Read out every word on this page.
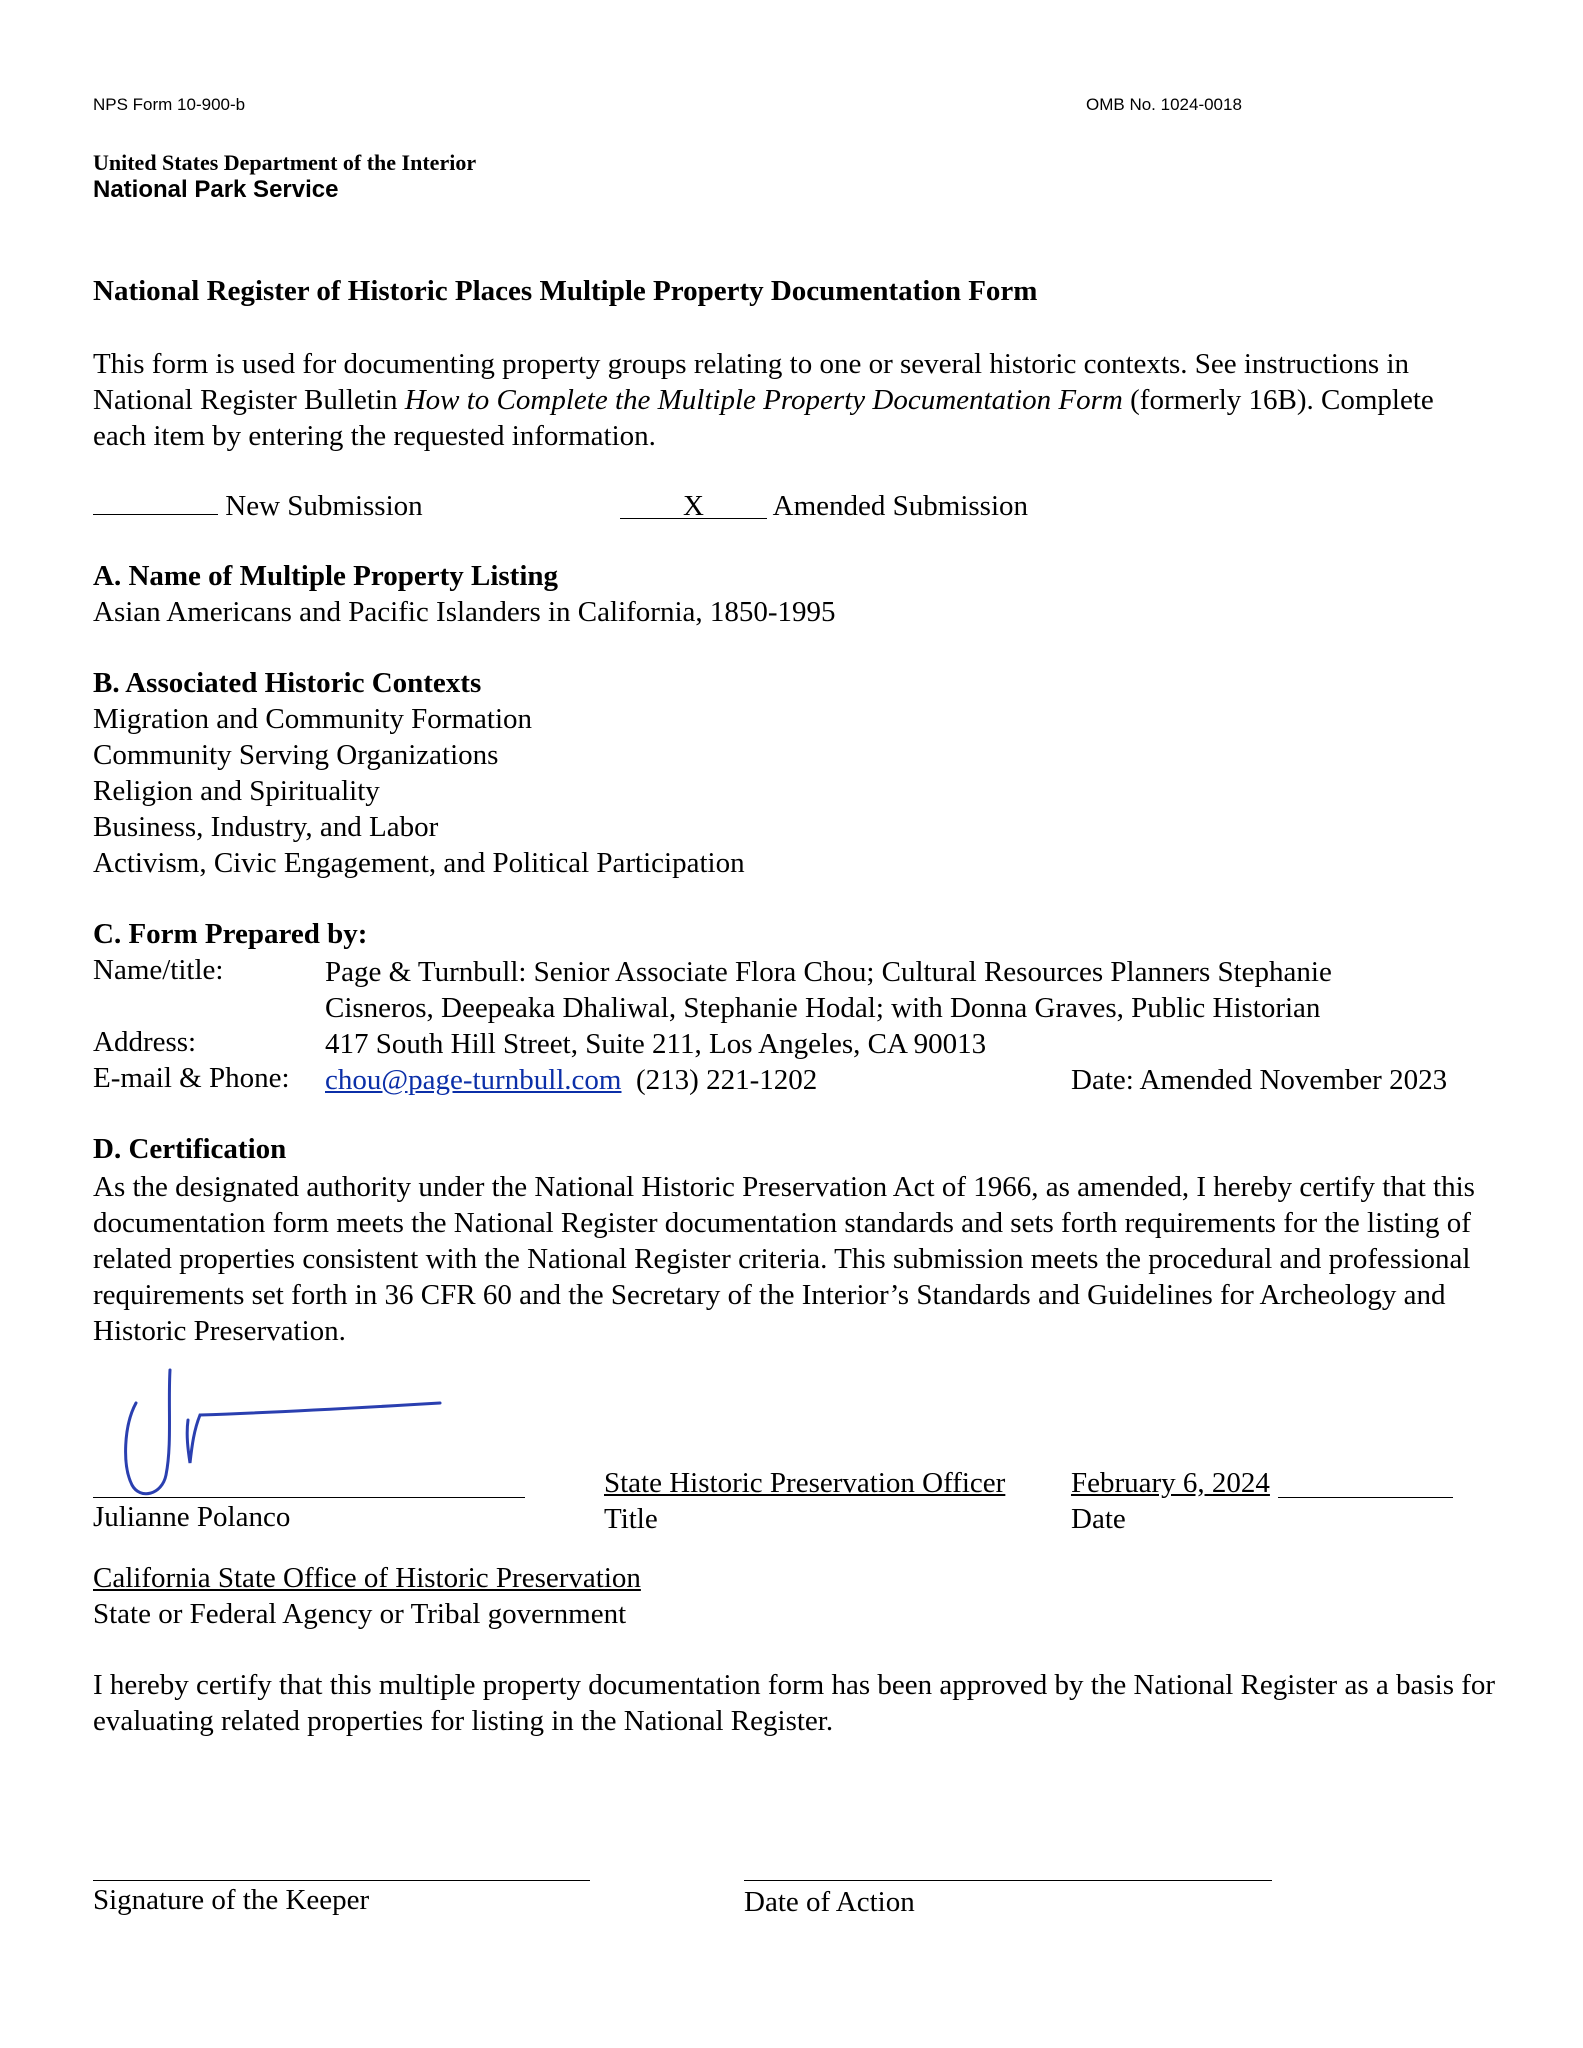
NPS Form 10-900-b	OMB No. 1024-0018
United States Department of the Interior
National Park Service
National Register of Historic Places Multiple Property Documentation Form
This form is used for documenting property groups relating to one or several historic contexts. See instructions in National Register Bulletin How to Complete the Multiple Property Documentation Form (formerly 16B). Complete each item by entering the requested information.
New Submission	X Amended Submission
A. Name of Multiple Property Listing
Asian Americans and Pacific Islanders in California, 1850-1995
B. Associated Historic Contexts
Migration and Community Formation
Community Serving Organizations
Religion and Spirituality
Business, Industry, and Labor
Activism, Civic Engagement, and Political Participation
C. Form Prepared by:
Name/title:	Page & Turnbull: Senior Associate Flora Chou; Cultural Resources Planners Stephanie
Cisneros, Deepeaka Dhaliwal, Stephanie Hodal; with Donna Graves, Public Historian
Address:	417 South Hill Street, Suite 211, Los Angeles, CA 90013
E-mail & Phone: chou@page-turnbull.com (213) 221-1202	Date: Amended November 2023
D. Certification
As the designated authority under the National Historic Preservation Act of 1966, as amended, I hereby certify that this documentation form meets the National Register documentation standards and sets forth requirements for the listing of related properties consistent with the National Register criteria. This submission meets the procedural and professional requirements set forth in 36 CFR 60 and the Secretary of the Interior’s Standards and Guidelines for Archeology and Historic Preservation.
Julianne Polanco
State Historic Preservation Officer
Title
February 6, 2024
Date
California State Office of Historic Preservation
State or Federal Agency or Tribal government
I hereby certify that this multiple property documentation form has been approved by the National Register as a basis for evaluating related properties for listing in the National Register.
Signature of the Keeper	Date of Action
